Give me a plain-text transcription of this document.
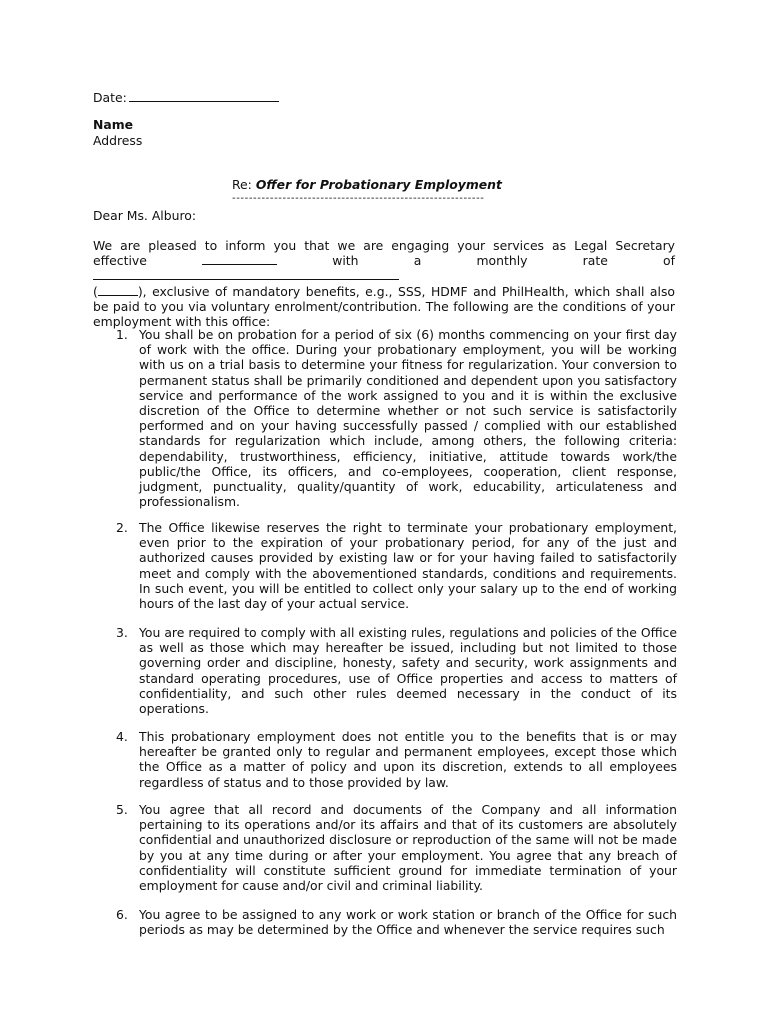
Date:
Name
Address
Re: Offer for Probationary Employment
------------------------------------------------------------
Dear Ms. Alburo:
We are pleased to inform you that we are engaging your services as Legal Secretary effective	with a monthly rate of
(	), exclusive of mandatory benefits, e.g., SSS, HDMF and PhilHealth, which shall also be paid to you via voluntary enrolment/contribution. The following are the conditions of your employment with this office:
1. You shall be on probation for a period of six (6) months commencing on your first day of work with the office. During your probationary employment, you will be working with us on a trial basis to determine your fitness for regularization. Your conversion to permanent status shall be primarily conditioned and dependent upon you satisfactory service and performance of the work assigned to you and it is within the exclusive discretion of the Office to determine whether or not such service is satisfactorily performed and on your having successfully passed / complied with our established standards for regularization which include, among others, the following criteria: dependability, trustworthiness, efficiency, initiative, attitude towards work/the public/the Office, its officers, and co-employees, cooperation, client response, judgment, punctuality, quality/quantity of work, educability, articulateness and professionalism.
2. The Office likewise reserves the right to terminate your probationary employment, even prior to the expiration of your probationary period, for any of the just and authorized causes provided by existing law or for your having failed to satisfactorily meet and comply with the abovementioned standards, conditions and requirements. In such event, you will be entitled to collect only your salary up to the end of working hours of the last day of your actual service.
3. You are required to comply with all existing rules, regulations and policies of the Office as well as those which may hereafter be issued, including but not limited to those governing order and discipline, honesty, safety and security, work assignments and standard operating procedures, use of Office properties and access to matters of confidentiality, and such other rules deemed necessary in the conduct of its operations.
4. This probationary employment does not entitle you to the benefits that is or may hereafter be granted only to regular and permanent employees, except those which the Office as a matter of policy and upon its discretion, extends to all employees regardless of status and to those provided by law.
5. You agree that all record and documents of the Company and all information pertaining to its operations and/or its affairs and that of its customers are absolutely confidential and unauthorized disclosure or reproduction of the same will not be made by you at any time during or after your employment. You agree that any breach of confidentiality will constitute sufficient ground for immediate termination of your employment for cause and/or civil and criminal liability.
6. You agree to be assigned to any work or work station or branch of the Office for such periods as may be determined by the Office and whenever the service requires such
